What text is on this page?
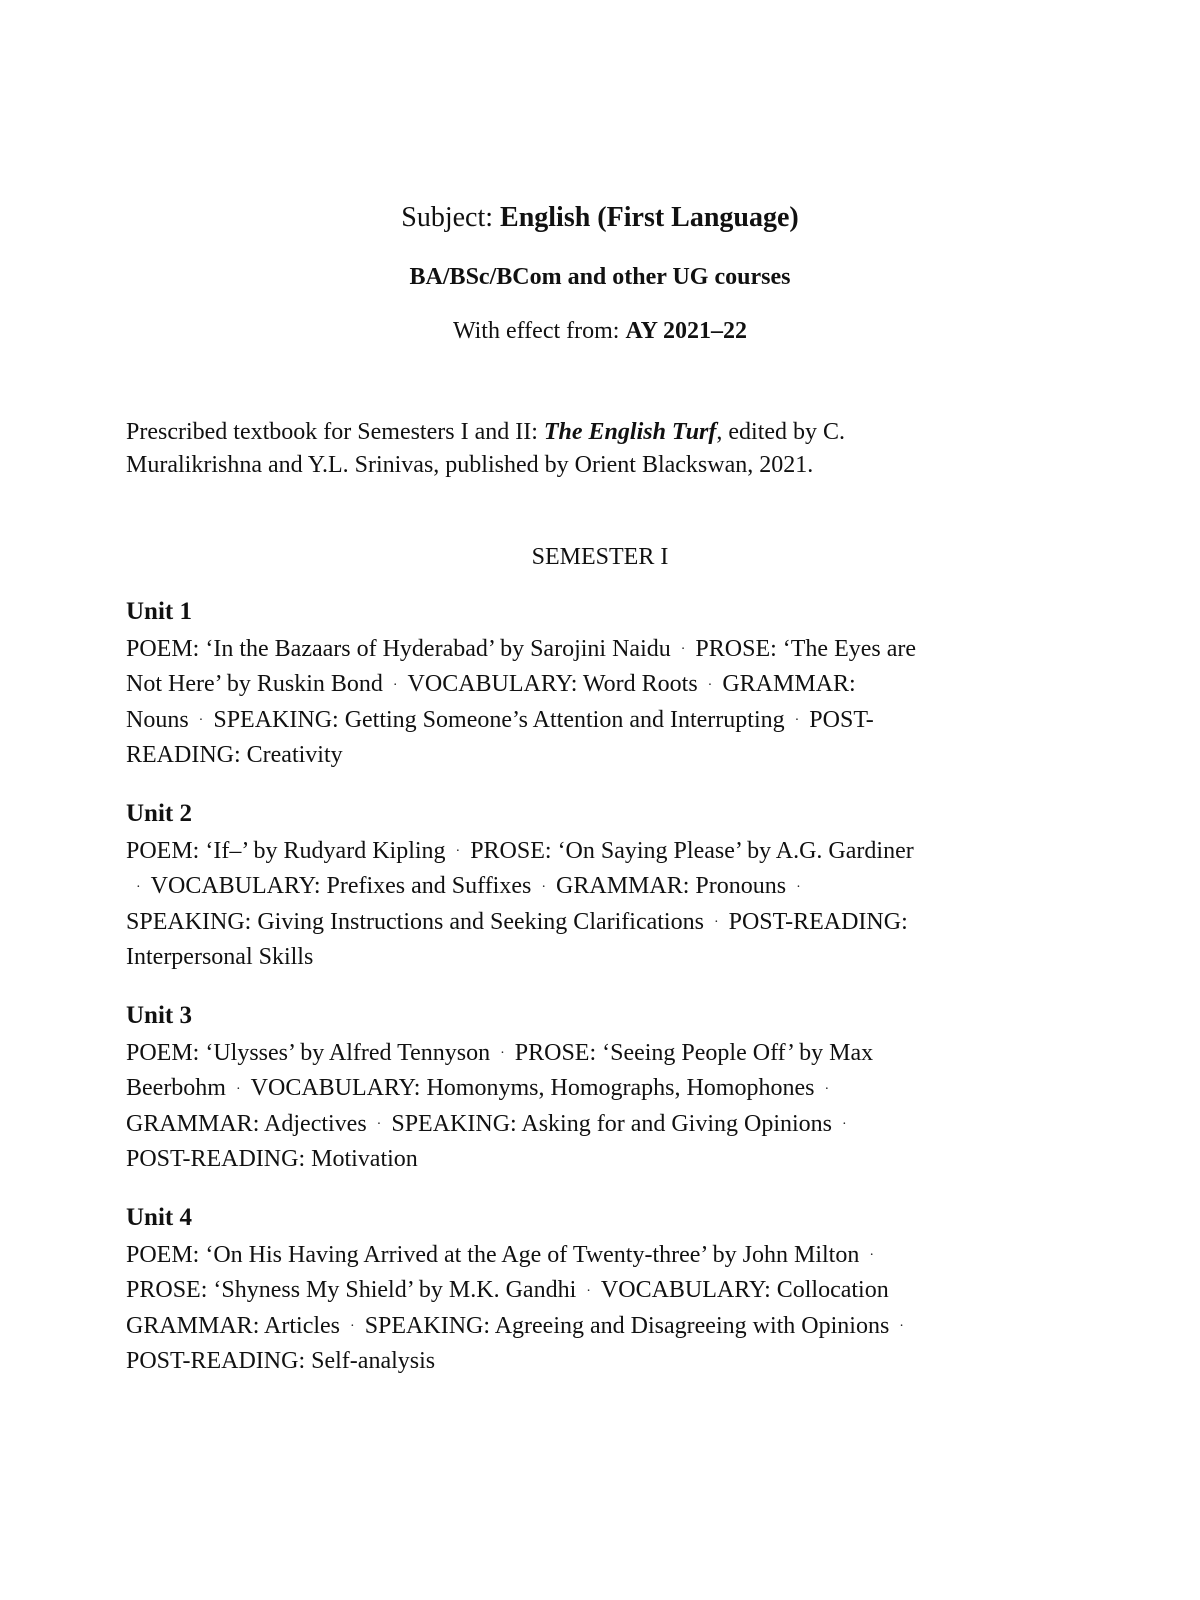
Subject: English (First Language)
BA/BSc/BCom and other UG courses
With effect from: AY 2021–22
Prescribed textbook for Semesters I and II: The English Turf, edited by C.
Muralikrishna and Y.L. Srinivas, published by Orient Blackswan, 2021.
SEMESTER I
Unit 1
POEM: ‘In the Bazaars of Hyderabad’ by Sarojini Naidu · PROSE: ‘The Eyes are
Not Here’ by Ruskin Bond · VOCABULARY: Word Roots · GRAMMAR:
Nouns · SPEAKING: Getting Someone’s Attention and Interrupting · POST-
READING: Creativity
Unit 2
POEM: ‘If–’ by Rudyard Kipling · PROSE: ‘On Saying Please’ by A.G. Gardiner
· VOCABULARY: Prefixes and Suffixes · GRAMMAR: Pronouns ·
SPEAKING: Giving Instructions and Seeking Clarifications · POST-READING:
Interpersonal Skills
Unit 3
POEM: ‘Ulysses’ by Alfred Tennyson · PROSE: ‘Seeing People Off’ by Max
Beerbohm · VOCABULARY: Homonyms, Homographs, Homophones ·
GRAMMAR: Adjectives · SPEAKING: Asking for and Giving Opinions ·
POST-READING: Motivation
Unit 4
POEM: ‘On His Having Arrived at the Age of Twenty-three’ by John Milton ·
PROSE: ‘Shyness My Shield’ by M.K. Gandhi · VOCABULARY: Collocation
GRAMMAR: Articles · SPEAKING: Agreeing and Disagreeing with Opinions ·
POST-READING: Self-analysis
